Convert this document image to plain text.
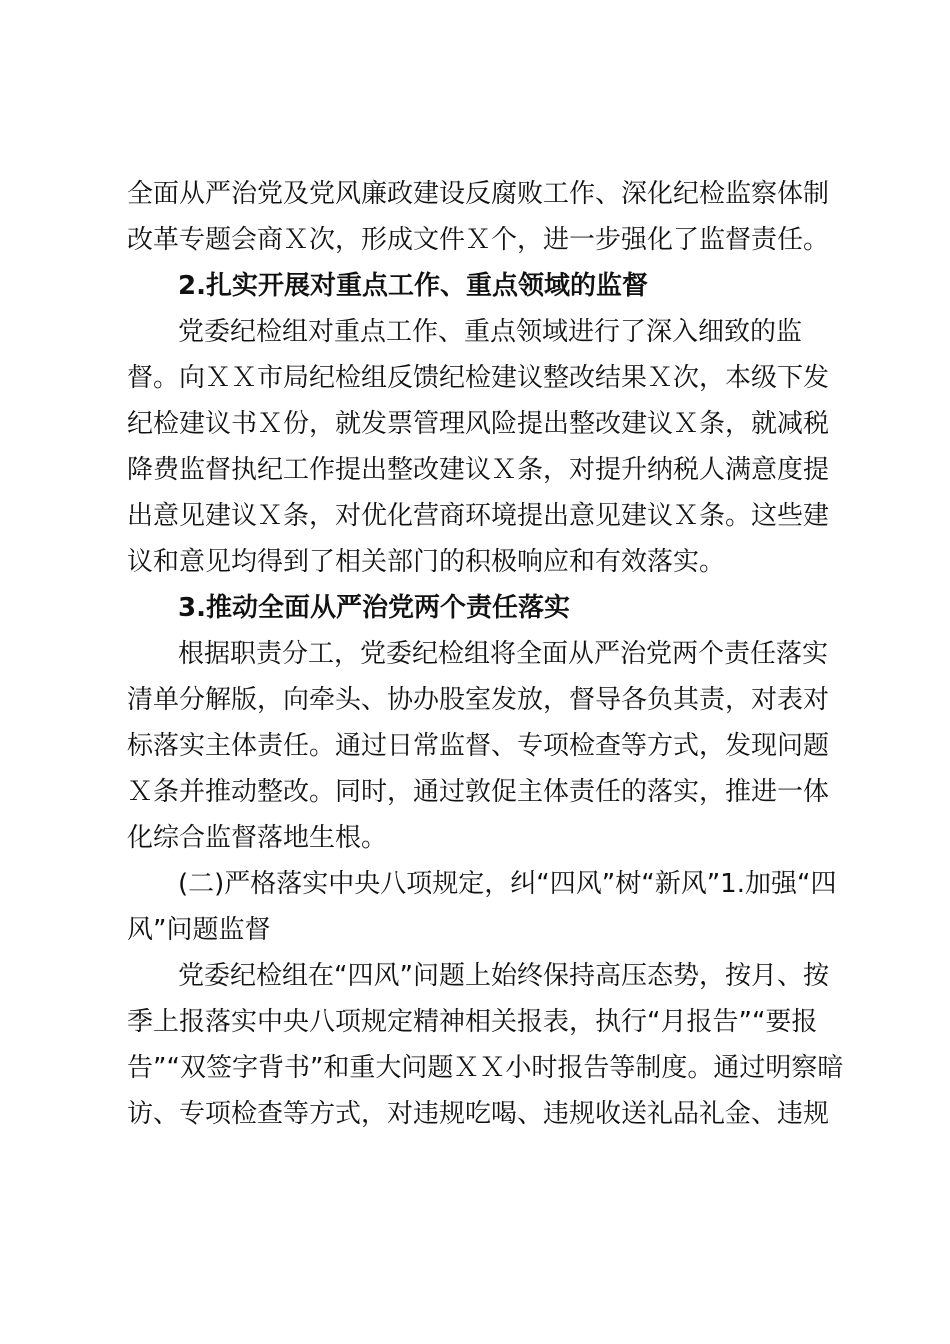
全面从严治党及党风廉政建设反腐败工作、深化纪检监察体制
改革专题会商Ｘ次，形成文件Ｘ个，进一步强化了监督责任。
2.扎实开展对重点工作、重点领域的监督
党委纪检组对重点工作、重点领域进行了深入细致的监
督。向ＸＸ市局纪检组反馈纪检建议整改结果Ｘ次，本级下发
纪检建议书Ｘ份，就发票管理风险提出整改建议Ｘ条，就减税
降费监督执纪工作提出整改建议Ｘ条，对提升纳税人满意度提
出意见建议Ｘ条，对优化营商环境提出意见建议Ｘ条。这些建
议和意见均得到了相关部门的积极响应和有效落实。
3.推动全面从严治党两个责任落实
根据职责分工，党委纪检组将全面从严治党两个责任落实
清单分解版，向牵头、协办股室发放，督导各负其责，对表对
标落实主体责任。通过日常监督、专项检查等方式，发现问题
Ｘ条并推动整改。同时，通过敦促主体责任的落实，推进一体
化综合监督落地生根。
(二)严格落实中央八项规定，纠“四风”树“新风”1.加强“四
风”问题监督
党委纪检组在“四风”问题上始终保持高压态势，按月、按
季上报落实中央八项规定精神相关报表，执行“月报告”“要报
告”“双签字背书”和重大问题ＸＸ小时报告等制度。通过明察暗
访、专项检查等方式，对违规吃喝、违规收送礼品礼金、违规
